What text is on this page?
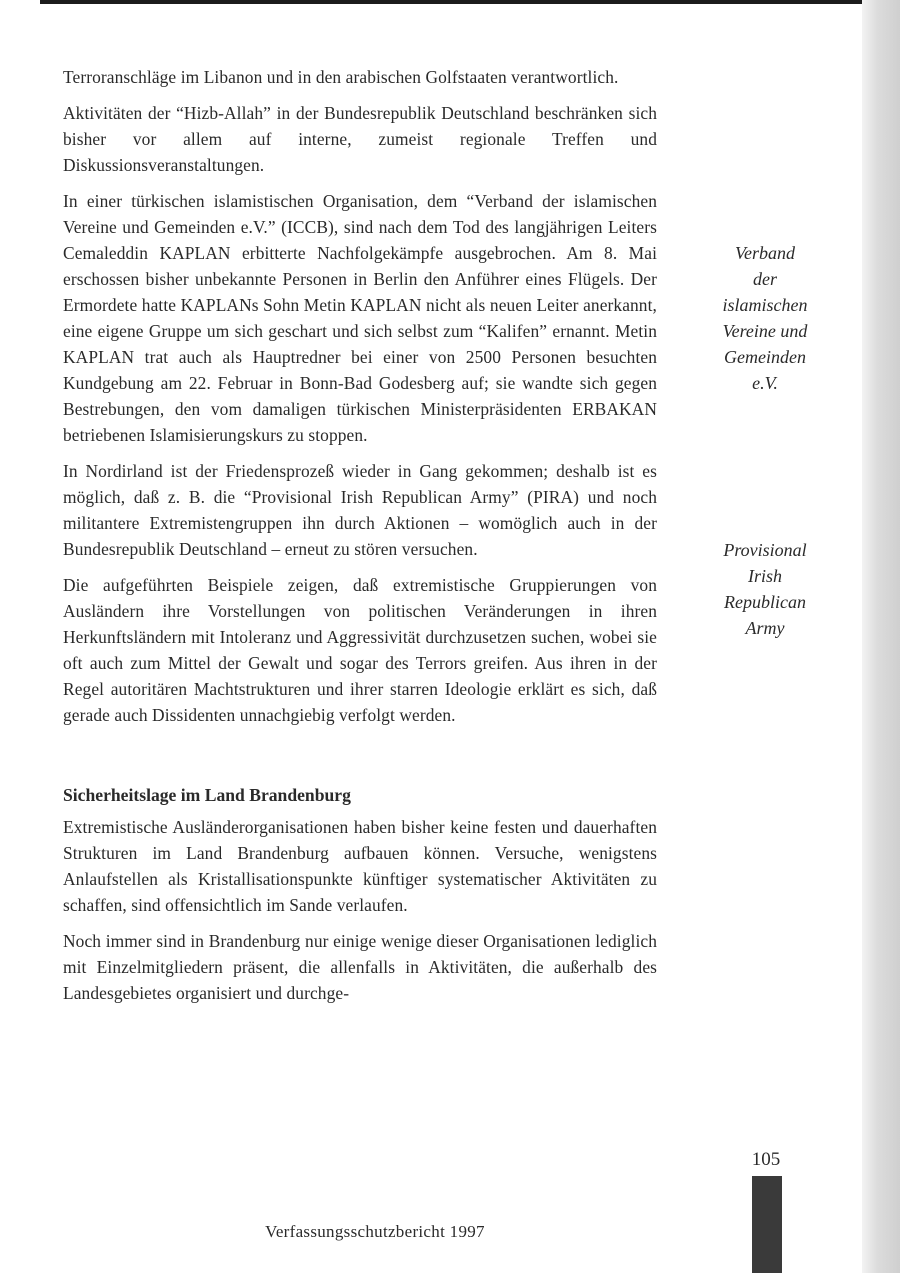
Terroranschläge im Libanon und in den arabischen Golfstaaten verantwortlich.

Aktivitäten der “Hizb-Allah” in der Bundesrepublik Deutschland beschränken sich bisher vor allem auf interne, zumeist regionale Treffen und Diskussionsveranstaltungen.

In einer türkischen islamistischen Organisation, dem “Verband der islamischen Vereine und Gemeinden e.V.” (ICCB), sind nach dem Tod des langjährigen Leiters Cemaleddin KAPLAN erbitterte Nachfolgekämpfe ausgebrochen. Am 8. Mai erschossen bisher unbekannte Personen in Berlin den Anführer eines Flügels. Der Ermordete hatte KAPLANs Sohn Metin KAPLAN nicht als neuen Leiter anerkannt, eine eigene Gruppe um sich geschart und sich selbst zum “Kalifen” ernannt. Metin KAPLAN trat auch als Hauptredner bei einer von 2500 Personen besuchten Kundgebung am 22. Februar in Bonn-Bad Godesberg auf; sie wandte sich gegen Bestrebungen, den vom damaligen türkischen Ministerpräsidenten ERBAKAN betriebenen Islamisierungskurs zu stoppen.

In Nordirland ist der Friedensprozeß wieder in Gang gekommen; deshalb ist es möglich, daß z. B. die “Provisional Irish Republican Army” (PIRA) und noch militantere Extremistengruppen ihn durch Aktionen – womöglich auch in der Bundesrepublik Deutschland – erneut zu stören versuchen.

Die aufgeführten Beispiele zeigen, daß extremistische Gruppierungen von Ausländern ihre Vorstellungen von politischen Veränderungen in ihren Herkunftsländern mit Intoleranz und Aggressivität durchzusetzen suchen, wobei sie oft auch zum Mittel der Gewalt und sogar des Terrors greifen. Aus ihren in der Regel autoritären Machtstrukturen und ihrer starren Ideologie erklärt es sich, daß gerade auch Dissidenten unnachgiebig verfolgt werden.

Sicherheitslage im Land Brandenburg

Extremistische Ausländerorganisationen haben bisher keine festen und dauerhaften Strukturen im Land Brandenburg aufbauen können. Versuche, wenigstens Anlaufstellen als Kristallisationspunkte künftiger systematischer Aktivitäten zu schaffen, sind offensichtlich im Sande verlaufen.

Noch immer sind in Brandenburg nur einige wenige dieser Organisationen lediglich mit Einzelmitgliedern präsent, die allenfalls in Aktivitäten, die außerhalb des Landesgebietes organisiert und durchge-

Verband
der
islamischen
Vereine und
Gemeinden
e.V.
Provisional
Irish
Republican
Army
105
Verfassungsschutzbericht 1997
